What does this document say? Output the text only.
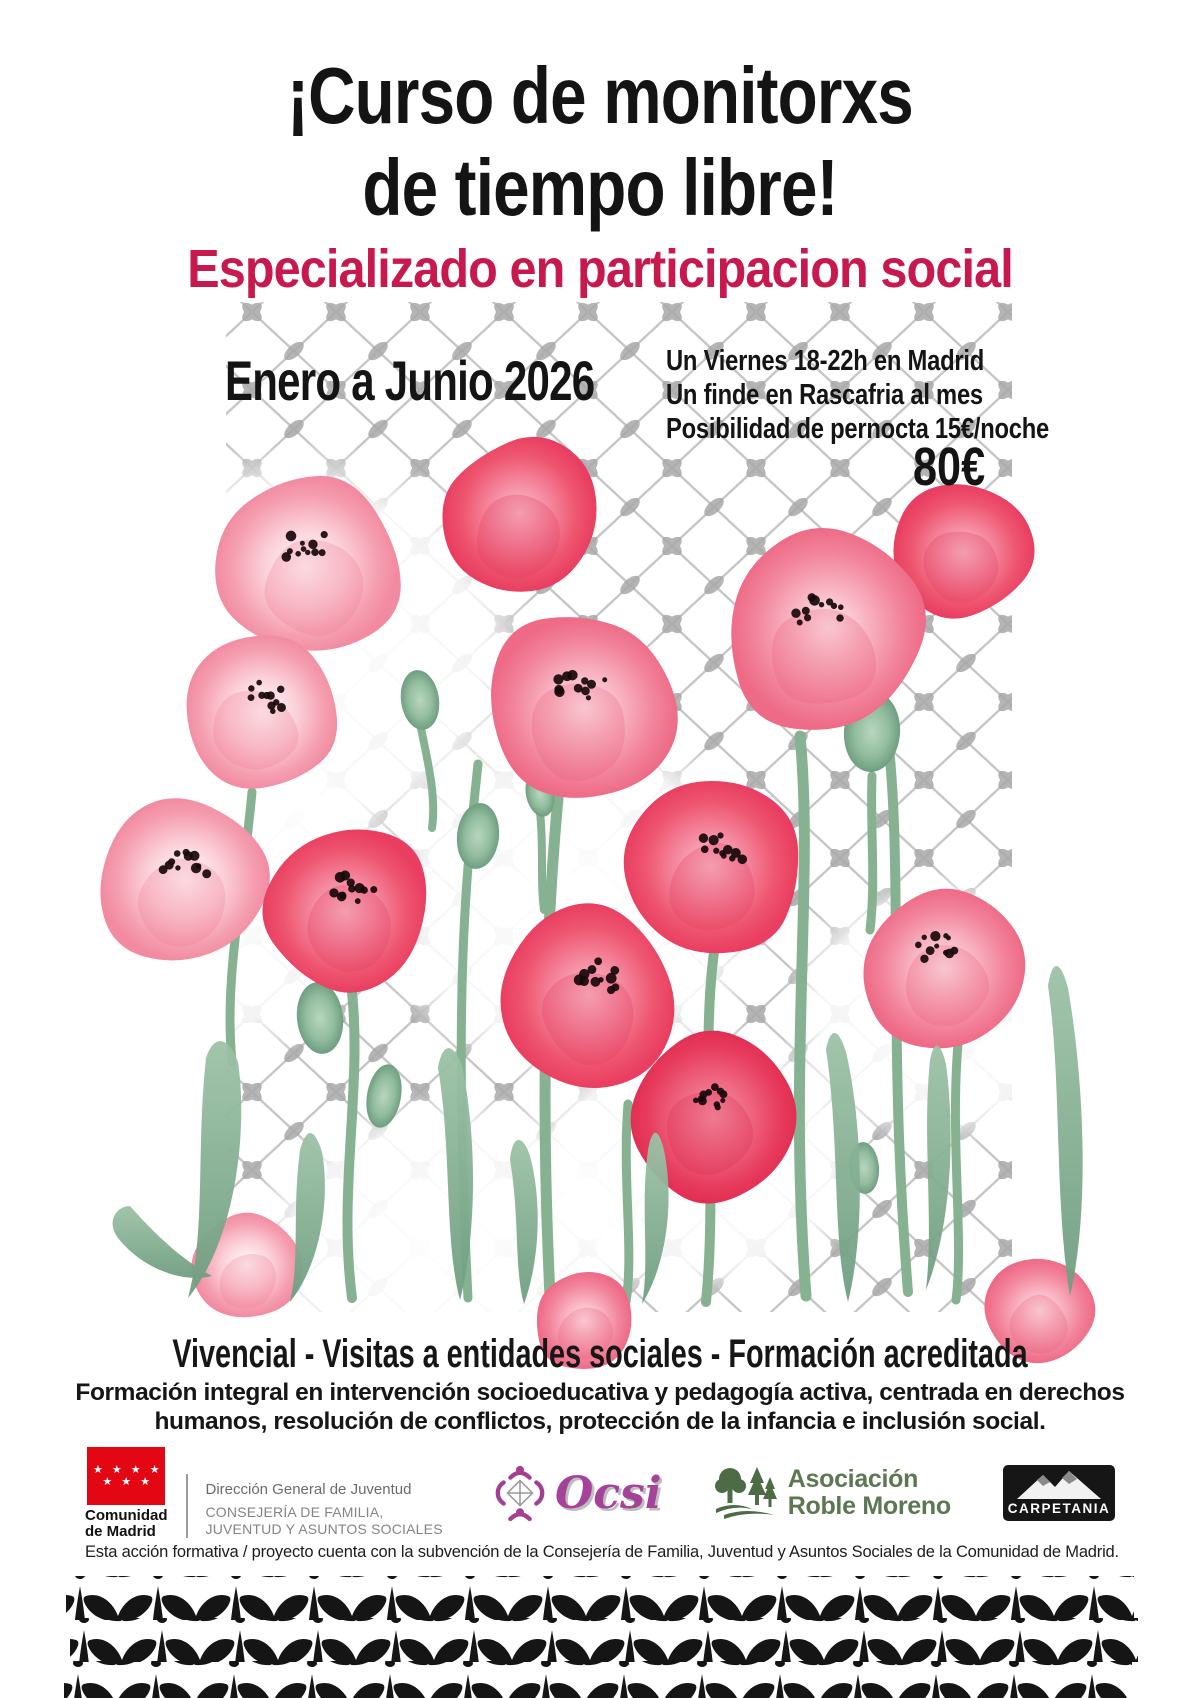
¡Curso de monitorxs
de tiempo libre!
Especializado en participacion social
Enero a Junio 2026 Un Viernes 18-22h en Madrid
Un finde en Rascafria al mes
Posibilidad de pernocta 15€/noche
80€
Vivencial - Visitas a entidades sociales - Formación acreditada
Formación integral en intervención socioeducativa y pedagogía activa, centrada en derechos humanos, resolución de conflictos, protección de la infancia e inclusión social.
★ ★ ★ ★
★ ★ ★
Comunidad
de Madrid
Dirección General de Juventud
CONSEJERÍA DE FAMILIA,
JUVENTUD Y ASUNTOS SOCIALES
Ocsi	Asociación
Roble Moreno	CARPETANIA
Esta acción formativa / proyecto cuenta con la subvención de la Consejería de Familia, Juventud y Asuntos Sociales de la Comunidad de Madrid.
